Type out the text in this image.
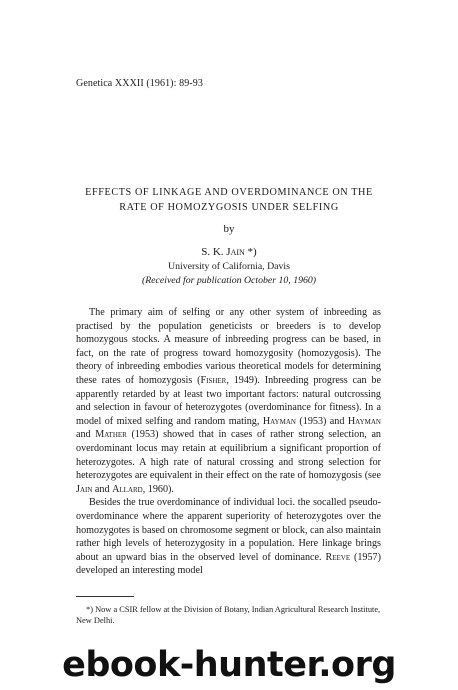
Genetica XXXII (1961): 89-93
EFFECTS OF LINKAGE AND OVERDOMINANCE ON THE
RATE OF HOMOZYGOSIS UNDER SELFING
by
S. K. Jain *)
University of California, Davis
(Received for publication October 10, 1960)

The primary aim of selfing or any other system of inbreeding as practised by the population geneticists or breeders is to develop homozygous stocks. A measure of inbreeding progress can be based, in fact, on the rate of progress toward homozygosity (homozygosis). The theory of inbreeding embodies various theoretical models for determining these rates of homozygosis (Fisher, 1949). Inbreeding progress can be apparently retarded by at least two important factors: natural outcrossing and selection in favour of heterozygotes (overdominance for fitness). In a model of mixed selfing and random mating, Hayman (1953) and Hayman and Mather (1953) showed that in cases of rather strong selection, an overdominant locus may retain at equilibrium a significant proportion of heterozygotes. A high rate of natural crossing and strong selection for heterozygotes are equivalent in their effect on the rate of homozygosis (see Jain and Allard, 1960).

Besides the true overdominance of individual loci. the socalled pseudo-overdominance where the apparent superiority of heterozygotes over the homozygotes is based on chromosome segment or block, can also maintain rather high levels of heterozygosity in a population. Here linkage brings about an upward bias in the observed level of dominance. Reeve (1957) developed an interesting model

*) Now a CSIR fellow at the Division of Botany, Indian Agricultural Research Institute, New Delhi.
ebook-hunter.org
